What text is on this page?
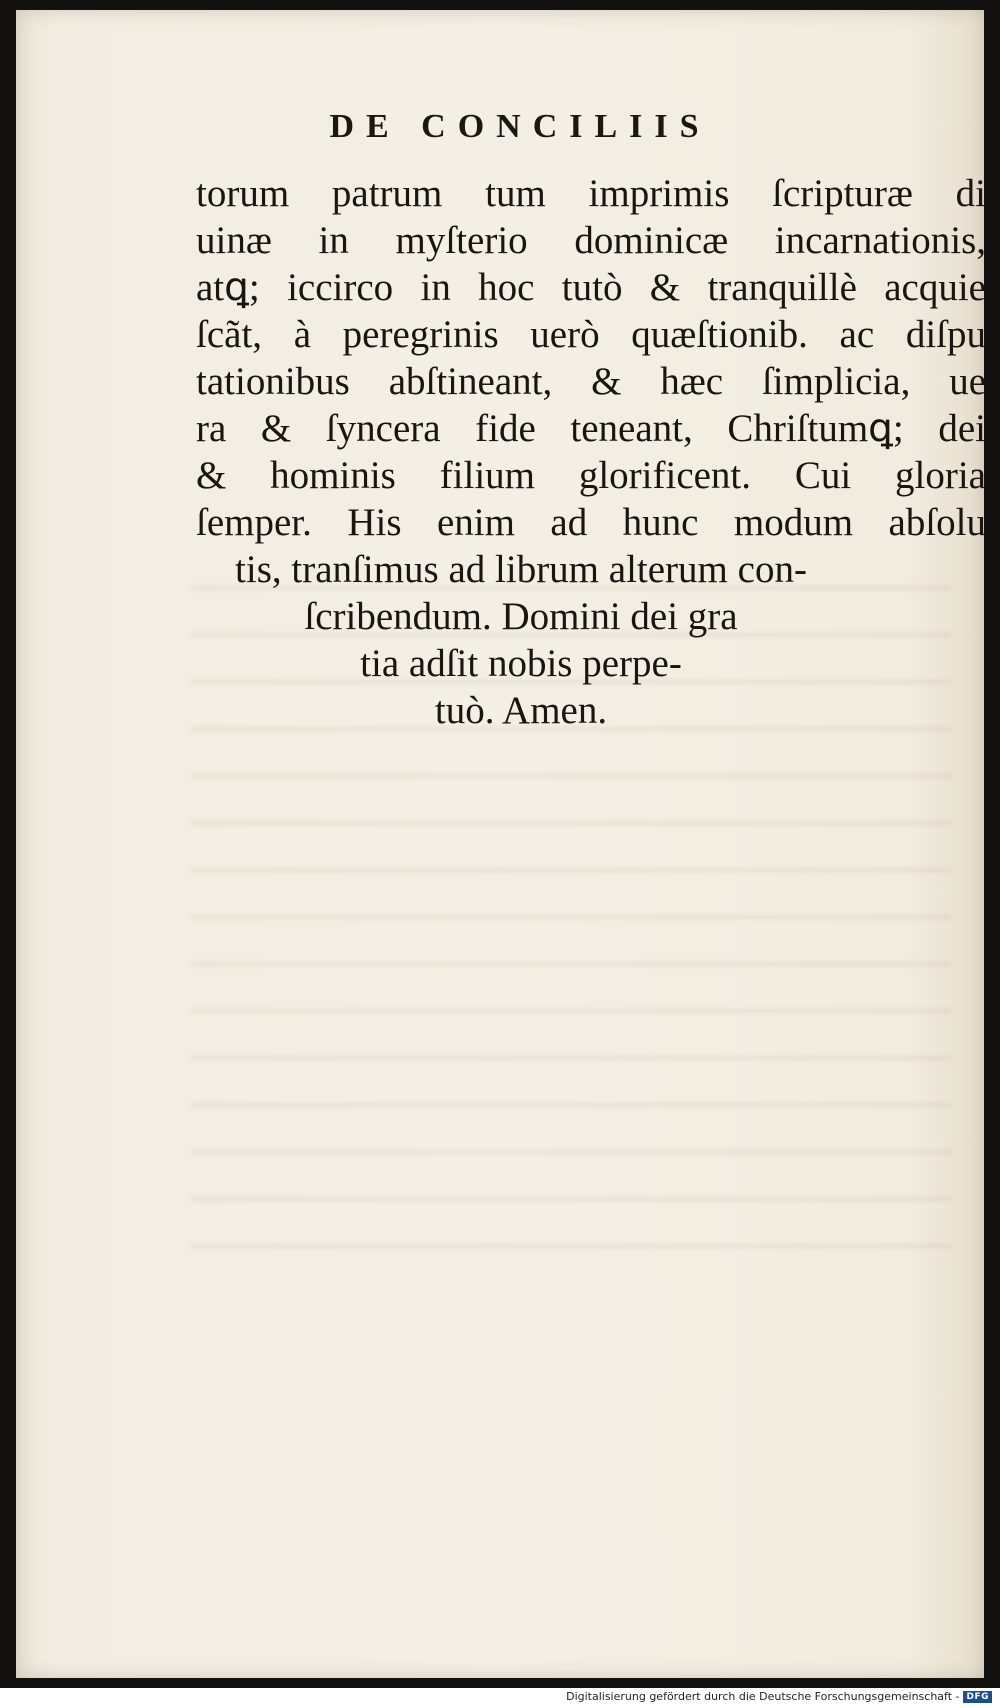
DE CONCILIIS
torum patrum tum imprimis ſcripturæ di
uinæ in myſterio dominicæ incarnationis,
atꝗ; iccirco in hoc tutò & tranquillè acquie
ſcãt, à peregrinis uerò quæſtionib. ac diſpu
tationibus abſtineant, & hæc ſimplicia, ue
ra & ſyncera fide teneant, Chriſtumꝗ; dei
& hominis filium glorificent. Cui gloria
ſemper. His enim ad hunc modum abſolu
tis, tranſimus ad librum alterum con-
ſcribendum. Domini dei gra
tia adſit nobis perpe-
tuò. Amen.
Digitalisierung gefördert durch die Deutsche Forschungsgemeinschaft - DFG
